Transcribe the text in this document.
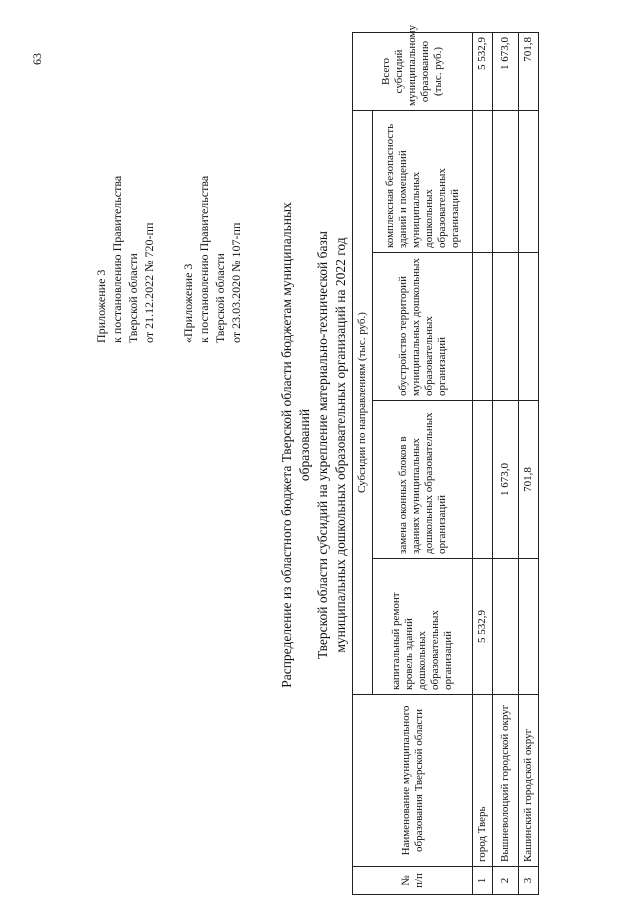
63
Приложение 3 к постановлению Правительства Тверской области от 21.12.2022 № 720-пп «Приложение 3 к постановлению Правительства Тверской области от 23.03.2020 № 107-пп	Распределение из областного бюджета Тверской области бюджетам муниципальных образований Тверской области субсидий на укрепление материально-технической базы муниципальных дошкольных образовательных организаций на 2022 год
№ п/п	Наименование муниципального образования Тверской области	Субсидии по направлениям (тыс. руб.)				Всего субсидий муниципальному образованию (тыс. руб.)
		капитальный ремонт кровель зданий дошкольных образовательных организаций	замена оконных блоков в зданиях муниципальных дошкольных образовательных организаций	обустройство территорий муниципальных дошкольных образовательных организаций	комплексная безопасность зданий и помещений муниципальных дошкольных образовательных организаций	
1	город Тверь	5 532,9				5 532,9
2	Вышневолоцкий городской округ		1 673,0			1 673,0
3	Кашинский городской округ		701,8			701,8
